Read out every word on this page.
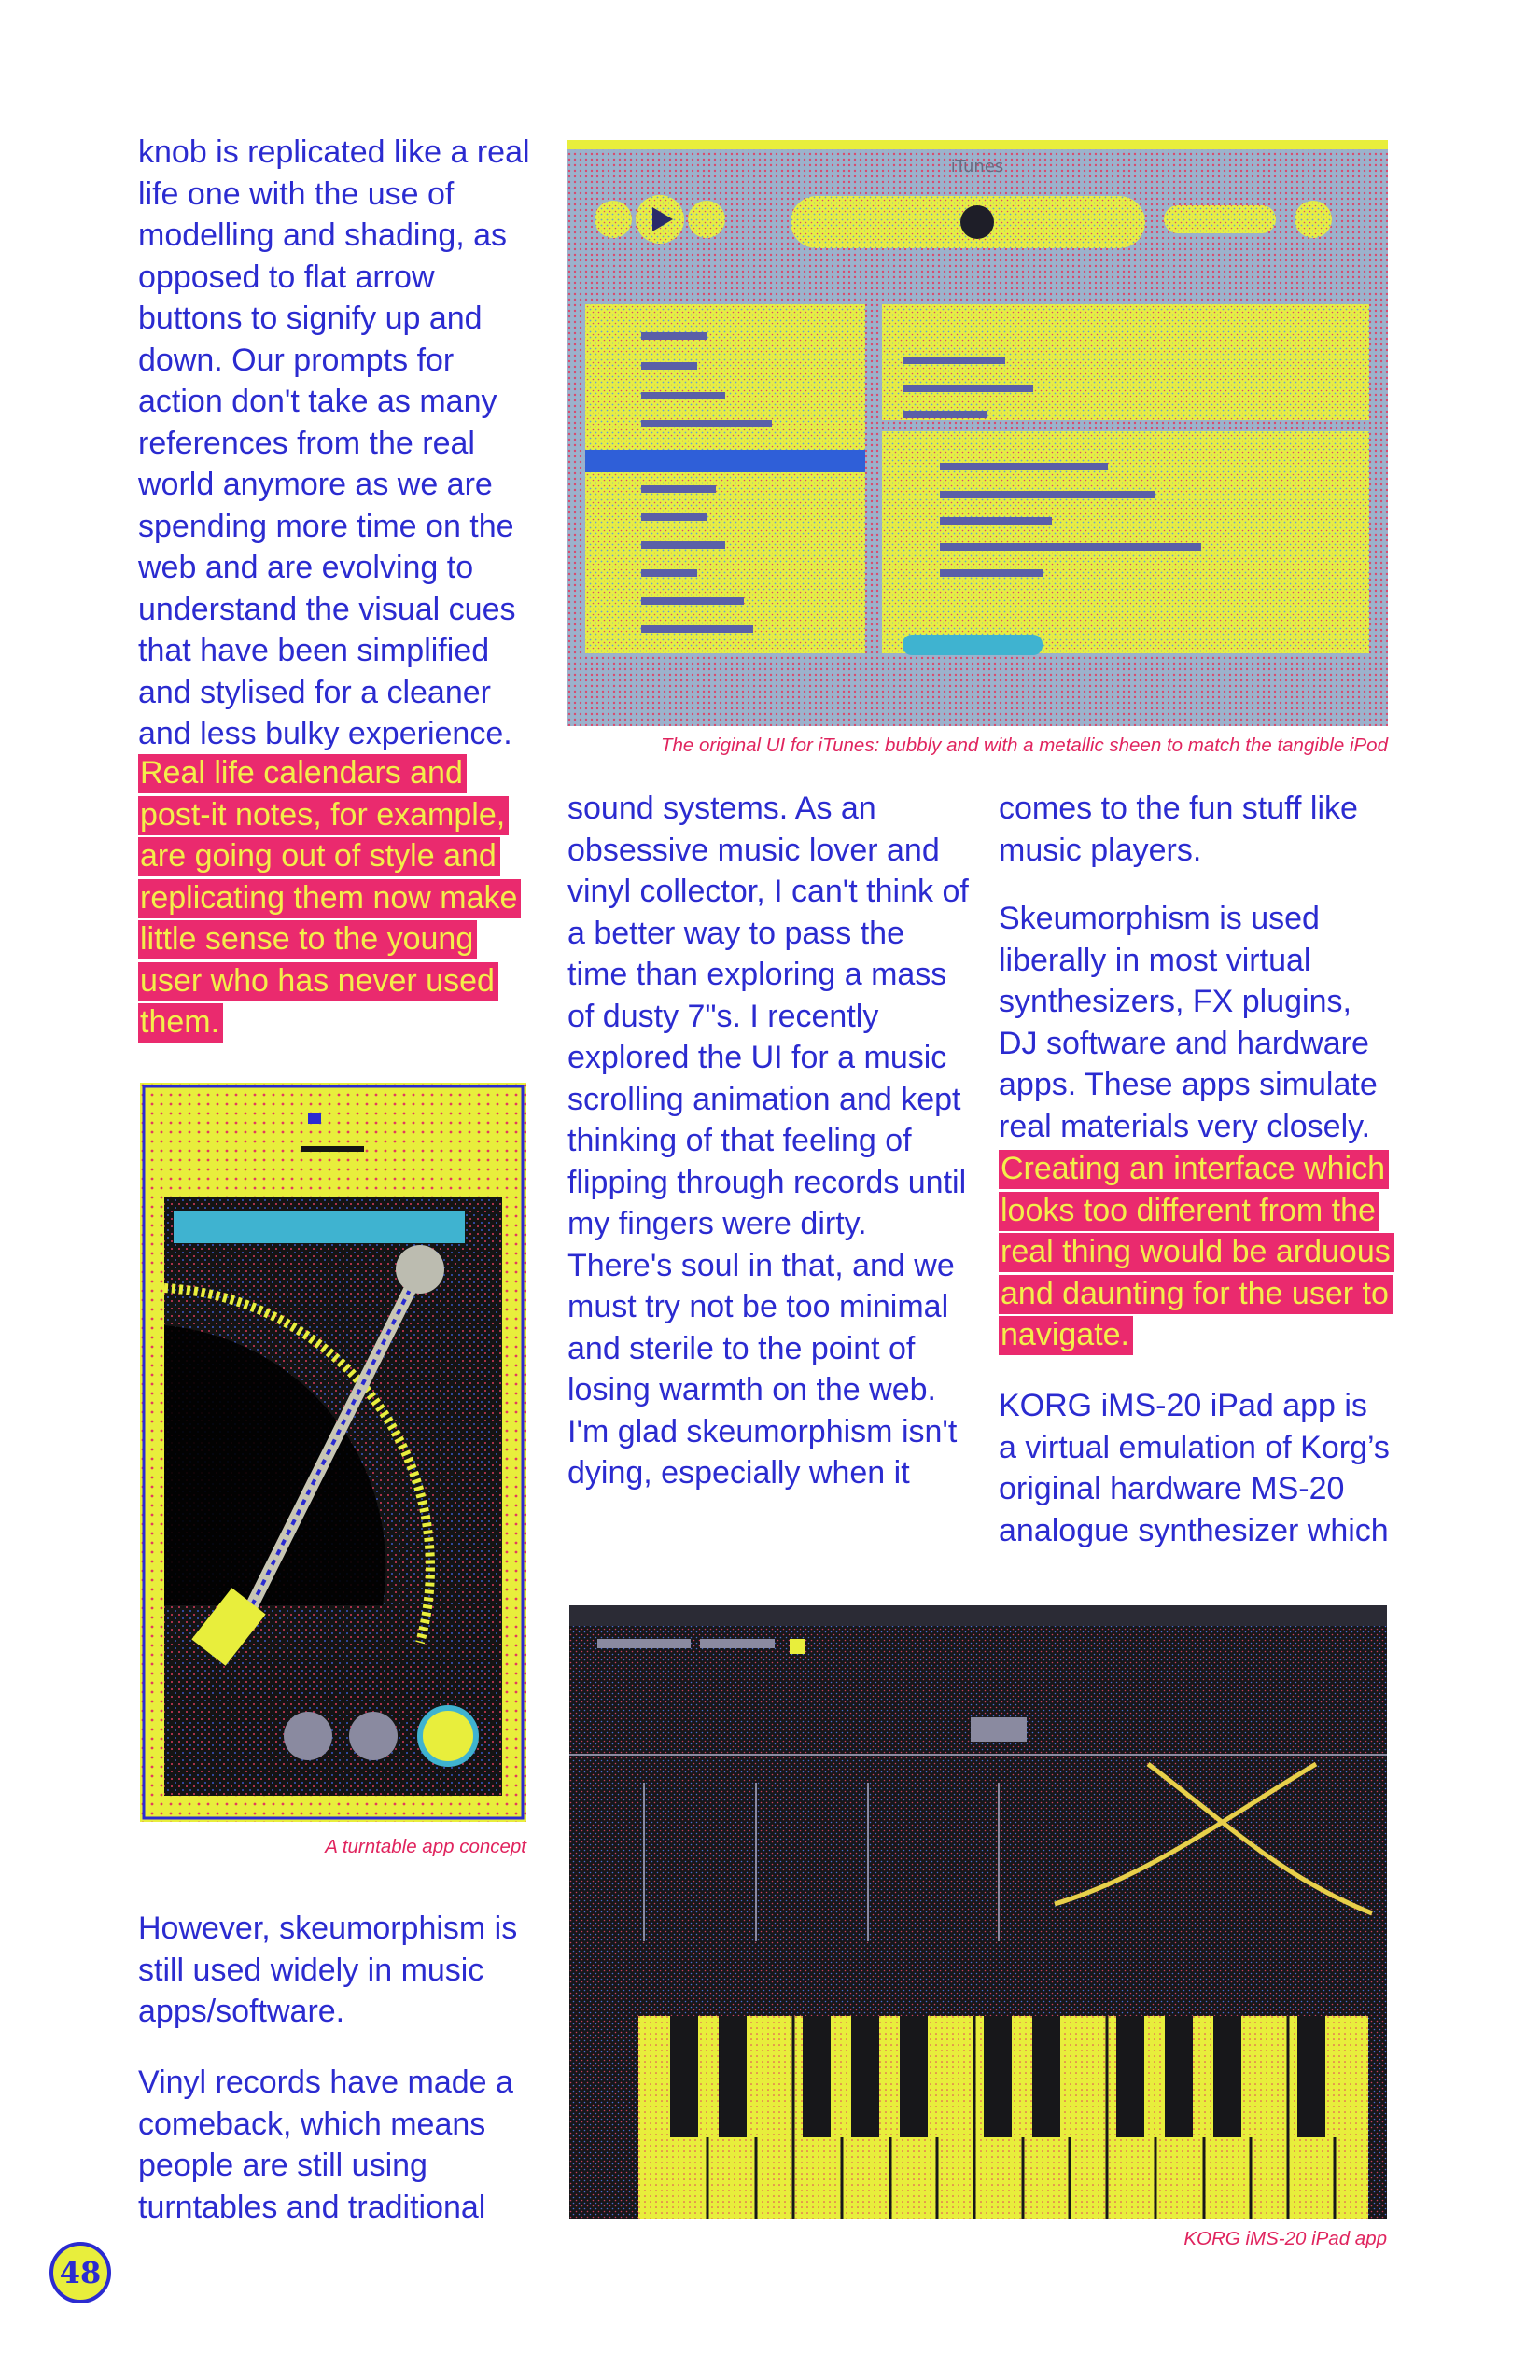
knob is replicated like a real life one with the use of modelling and shading, as opposed to flat arrow buttons to signify up and down. Our prompts for action don't take as many references from the real world anymore as we are spending more time on the web and are evolving to understand the visual cues that have been simplified and stylised for a cleaner and less bulky experience.

Real life calendars and post-it notes, for example, are going out of style and replicating them now make little sense to the young user who has never used them.

A turntable app concept

However, skeumorphism is still used widely in music apps/software.

Vinyl records have made a comeback, which means people are still using turntables and traditional

iTunes

The original UI for iTunes: bubbly and with a metallic sheen to match the tangible iPod

sound systems. As an obsessive music lover and vinyl collector, I can't think of a better way to pass the time than exploring a mass of dusty 7"s. I recently explored the UI for a music scrolling animation and kept thinking of that feeling of flipping through records until my fingers were dirty. There's soul in that, and we must try not be too minimal and sterile to the point of losing warmth on the web. I'm glad skeumorphism isn't dying, especially when it

comes to the fun stuff like music players.

Skeumorphism is used liberally in most virtual synthesizers, FX plugins, DJ software and hardware apps. These apps simulate real materials very closely.

Creating an interface which looks too different from the real thing would be arduous and daunting for the user to navigate.

KORG iMS-20 iPad app is a virtual emulation of Korg’s original hardware MS-20 analogue synthesizer which

KORG iMS-20 iPad app

48
